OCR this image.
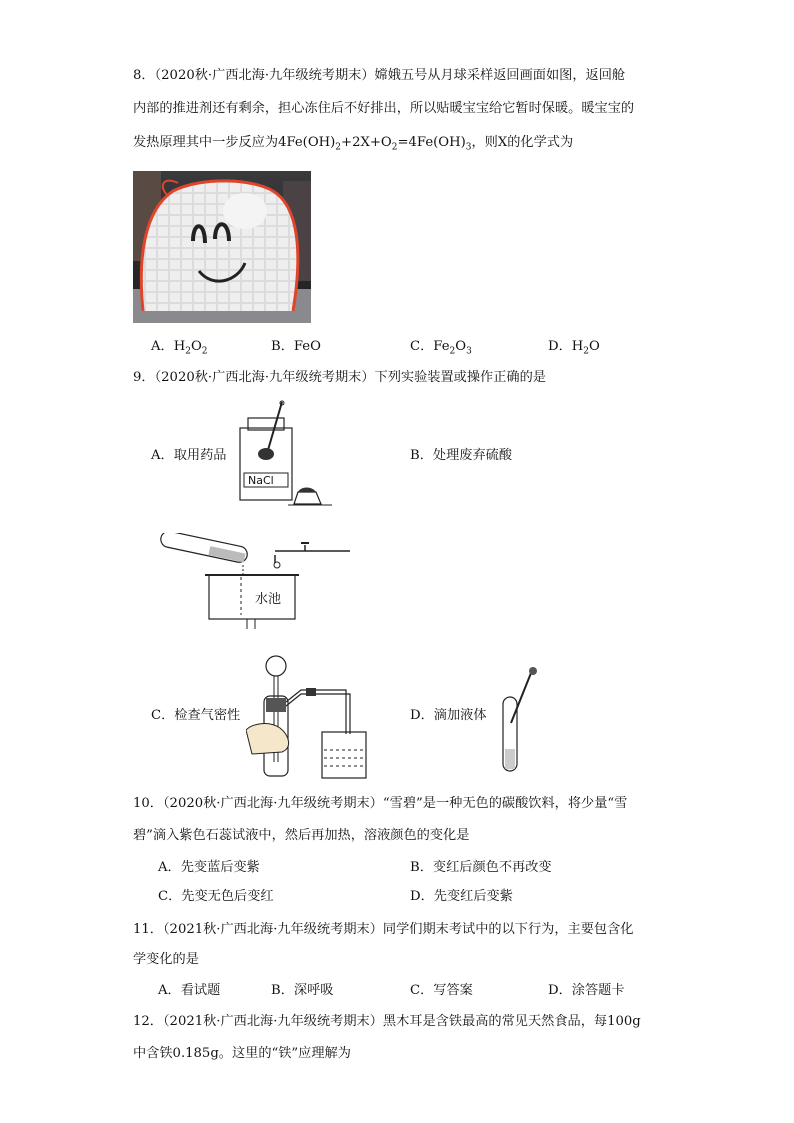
8．（2020秋·广西北海·九年级统考期末）嫦娥五号从月球采样返回画面如图，返回舱
内部的推进剂还有剩余，担心冻住后不好排出，所以贴暖宝宝给它暂时保暖。暖宝宝的
发热原理其中一步反应为$4Fe(OH)_2+2X+O_2=4Fe(OH)_3$，则X的化学式为
A．$H_2O_2$	B．FeO	C．$Fe_2O_3$	D．$H_2O$
9．（2020秋·广西北海·九年级统考期末）下列实验装置或操作正确的是
A．取用药品	B．处理废弃硫酸
NaCl
水池
C．检查气密性	D．滴加液体
10．（2020秋·广西北海·九年级统考期末）“雪碧”是一种无色的碳酸饮料，将少量“雪
碧”滴入紫色石蕊试液中，然后再加热，溶液颜色的变化是
A．先变蓝后变紫	B．变红后颜色不再改变
C．先变无色后变红	D．先变红后变紫
11．（2021秋·广西北海·九年级统考期末）同学们期末考试中的以下行为，主要包含化
学变化的是
A．看试题	B．深呼吸	C．写答案	D．涂答题卡
12．（2021秋·广西北海·九年级统考期末）黑木耳是含铁最高的常见天然食品，每100g
中含铁0.185g。这里的“铁”应理解为
